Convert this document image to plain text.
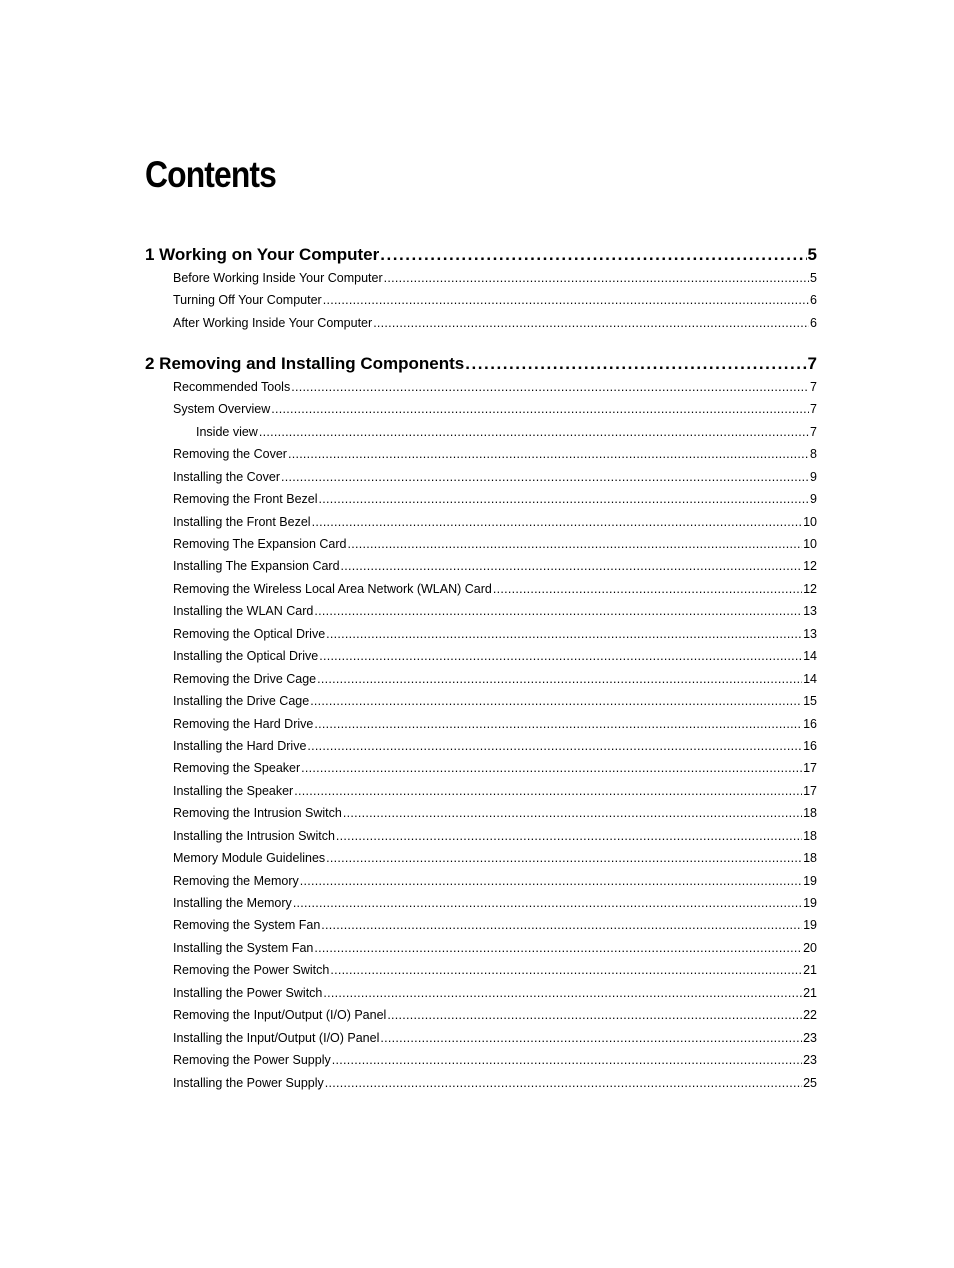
Contents
1 Working on Your Computer . . .	5
Before Working Inside Your Computer . . .	5
Turning Off Your Computer . . .	6
After Working Inside Your Computer . . .	6
2 Removing and Installing Components . . .	7
Recommended Tools . . .	7
System Overview . . .	7
Inside view . . .	7
Removing the Cover . . .	8
Installing the Cover . . .	9
Removing the Front Bezel . . .	9
Installing the Front Bezel . . .	10
Removing The Expansion Card . . .	10
Installing The Expansion Card . . .	12
Removing the Wireless Local Area Network (WLAN) Card . . .	12
Installing the WLAN Card . . .	13
Removing the Optical Drive . . .	13
Installing the Optical Drive . . .	14
Removing the Drive Cage . . .	14
Installing the Drive Cage . . .	15
Removing the Hard Drive . . .	16
Installing the Hard Drive . . .	16
Removing the Speaker . . .	17
Installing the Speaker . . .	17
Removing the Intrusion Switch . . .	18
Installing the Intrusion Switch . . .	18
Memory Module Guidelines . . .	18
Removing the Memory . . .	19
Installing the Memory . . .	19
Removing the System Fan . . .	19
Installing the System Fan . . .	20
Removing the Power Switch . . .	21
Installing the Power Switch . . .	21
Removing the Input/Output (I/O) Panel . . .	22
Installing the Input/Output (I/O) Panel . . .	23
Removing the Power Supply . . .	23
Installing the Power Supply . . .	25
